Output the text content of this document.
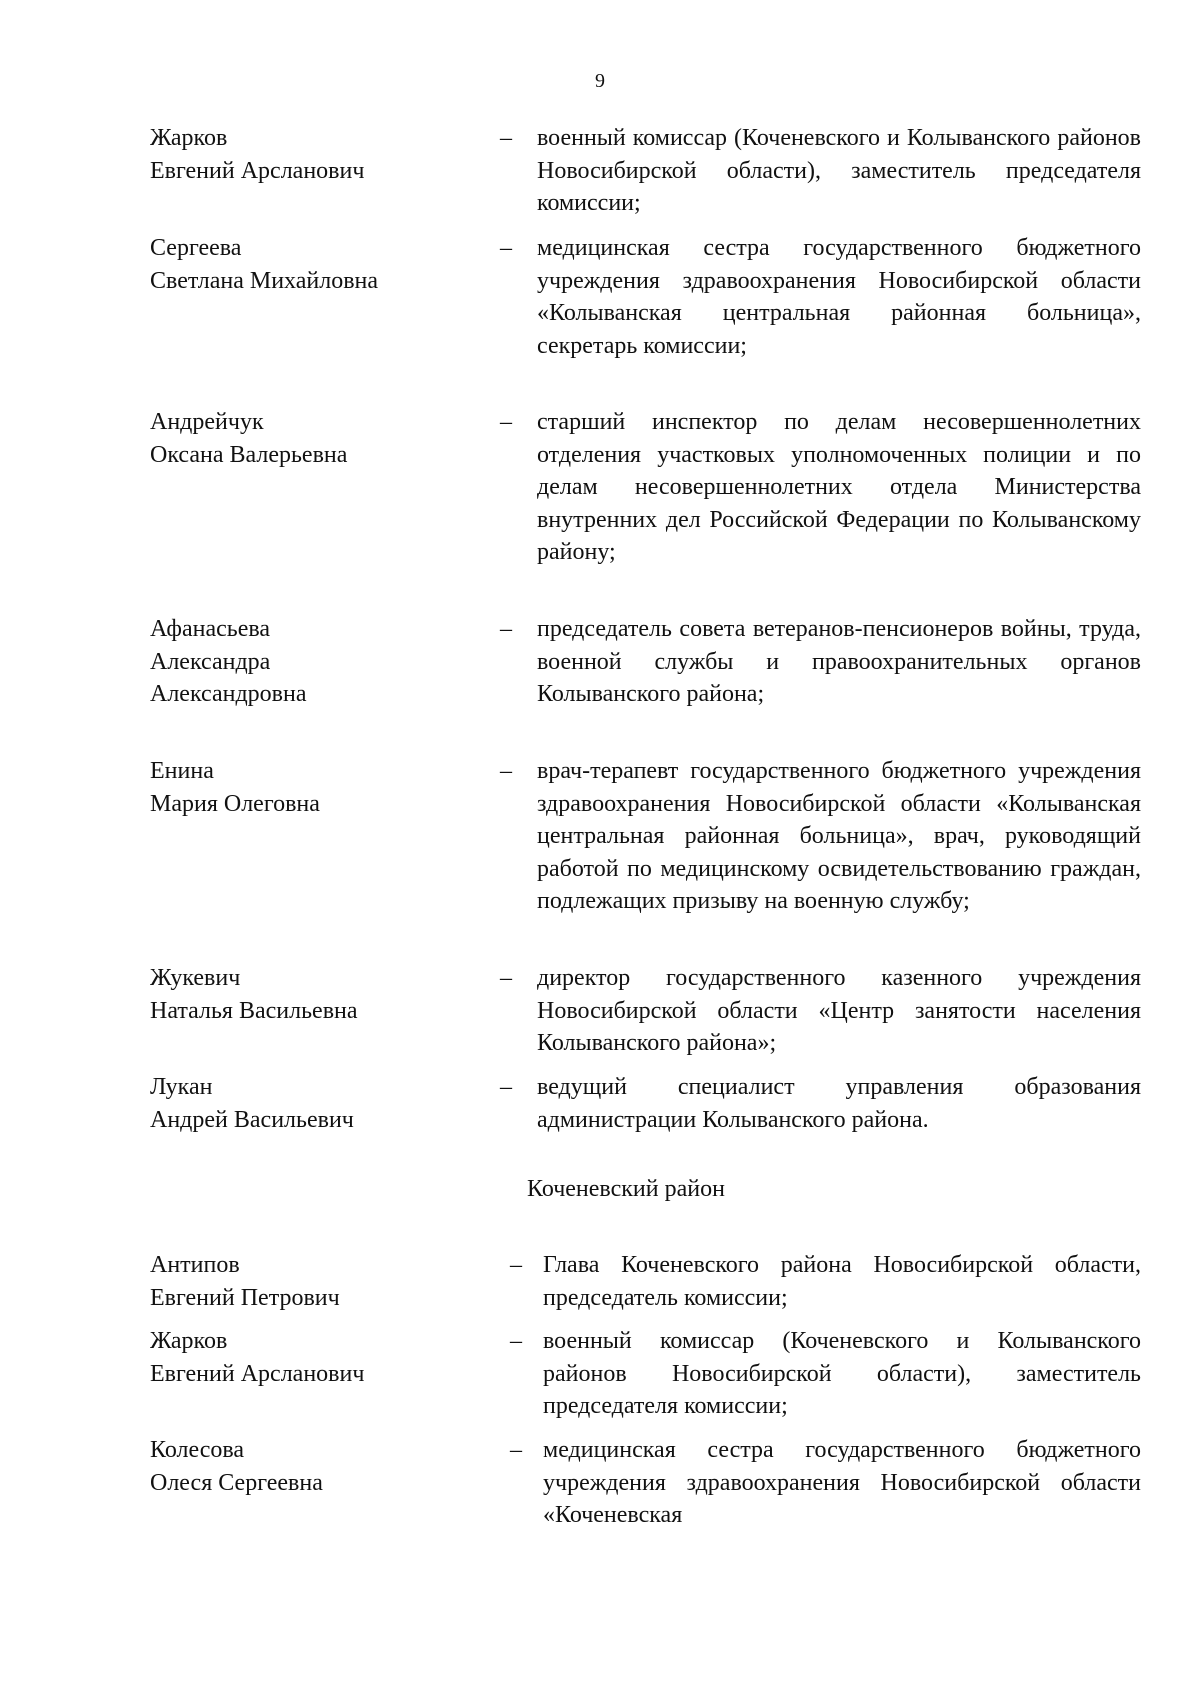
9
Жарков
Евгений Арсланович
– военный комиссар (Коченевского и Колыванского районов Новосибирской области), заместитель председателя комиссии;
Сергеева
Светлана Михайловна
– медицинская сестра государственного бюджетного учреждения здравоохранения Новосибирской области «Колыванская центральная районная больница», секретарь комиссии;
Андрейчук
Оксана Валерьевна
– старший инспектор по делам несовершеннолетних отделения участковых уполномоченных полиции и по делам несовершеннолетних отдела Министерства внутренних дел Российской Федерации по Колыванскому району;
Афанасьева
Александра
Александровна
– председатель совета ветеранов-пенсионеров войны, труда, военной службы и правоохранительных органов Колыванского района;
Енина
Мария Олеговна
– врач-терапевт государственного бюджетного учреждения здравоохранения Новосибирской области «Колыванская центральная районная больница», врач, руководящий работой по медицинскому освидетельствованию граждан, подлежащих призыву на военную службу;
Жукевич
Наталья Васильевна
– директор государственного казенного учреждения Новосибирской области «Центр занятости населения Колыванского района»;
Лукан
Андрей Васильевич
– ведущий специалист управления образования администрации Колыванского района.
Коченевский район
Антипов
Евгений Петрович
– Глава Коченевского района Новосибирской области, председатель комиссии;
Жарков
Евгений Арсланович
– военный комиссар (Коченевского и Колыванского районов Новосибирской области), заместитель председателя комиссии;
Колесова
Олеся Сергеевна
– медицинская сестра государственного бюджетного учреждения здравоохранения Новосибирской области «Коченевская
